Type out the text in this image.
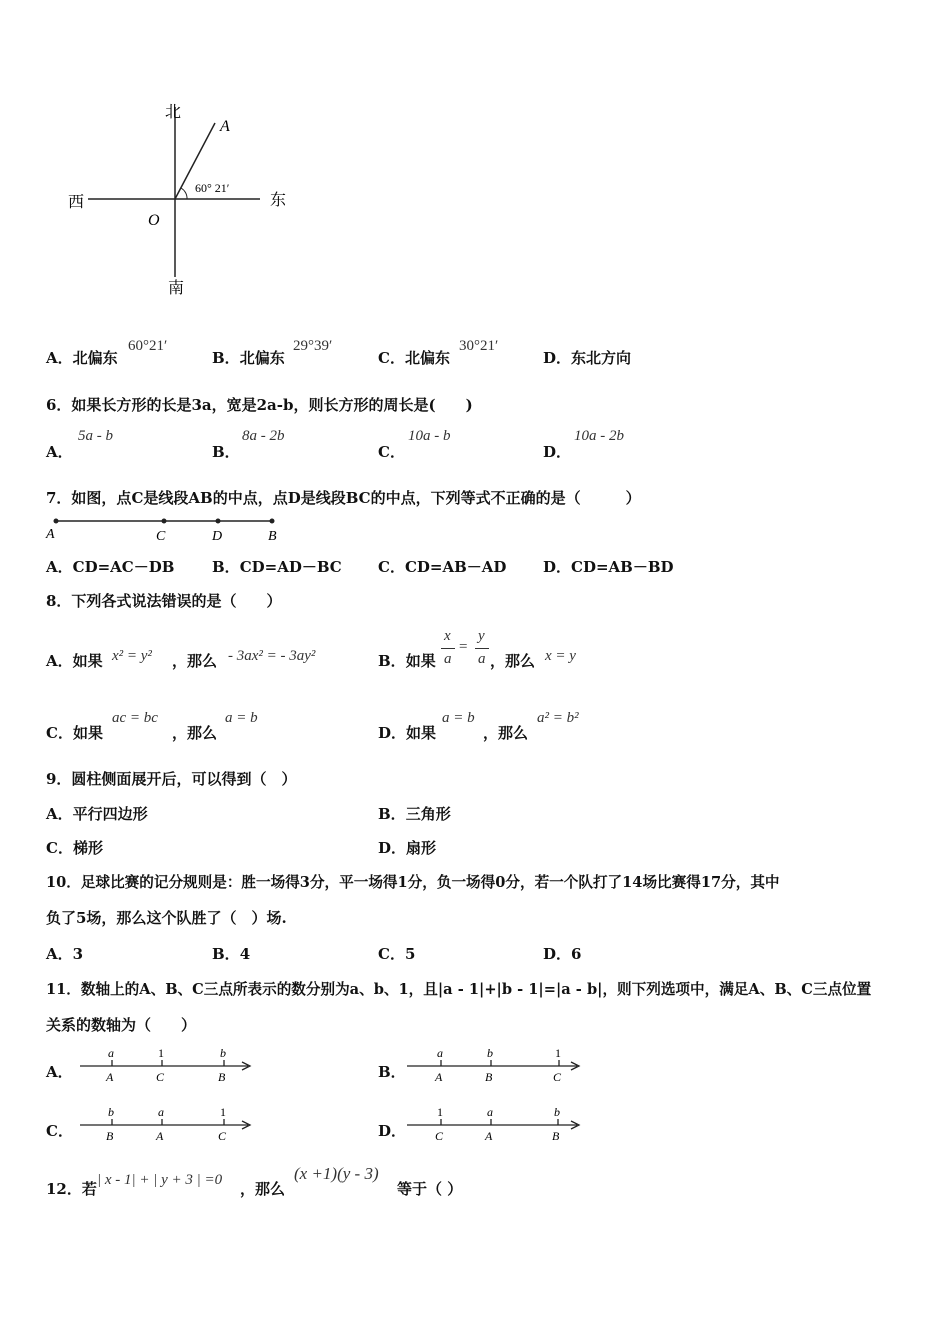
北
南
西	东
O
A
60° 21′
A．北偏东
60°21′
B．北偏东
29°39′
C．北偏东
30°21′
D．东北方向
6．如果长方形的长是3a，宽是2a-b，则长方形的周长是(　　)
A．
5a - b
B．
8a - 2b
C．
10a - b
D．
10a - 2b
7．如图，点C是线段AB的中点，点D是线段BC的中点，下列等式不正确的是（　　　）
A	C	D	B
A．CD=AC－DB	B．CD=AD－BC C．CD=AB－AD D．CD=AB－BD
8．下列各式说法错误的是（　　）
A．如果 x² = y² ，那么 - 3ax² = - 3ay²	B．如果
x
a
=
y
a ，那么 x = y
C．如果
ac = bc
，那么
a = b
D．如果
a = b
，那么
a² = b²
9．圆柱侧面展开后，可以得到（　）
A．平行四边形	B．三角形
C．梯形	D．扇形
10．足球比赛的记分规则是：胜一场得3分，平一场得1分，负一场得0分，若一个队打了14场比赛得17分，其中
负了5场，那么这个队胜了（　）场.
A．3	B．4	C．5	D．6
11．数轴上的A、B、C三点所表示的数分别为a、b、1，且|a - 1|+|b - 1|=|a - b|，则下列选项中，满足A、B、C三点位置
关系的数轴为（　　）
A．
a	1	b
A	C	B	B．
a	b	1
A	B	C
C．
b	a	1
B	A	C	D．
1	a	b
C	A	B
12．若 | x - 1| + | y + 3 | =0 ，那么
(x +1)(y - 3)
等于（ ）
